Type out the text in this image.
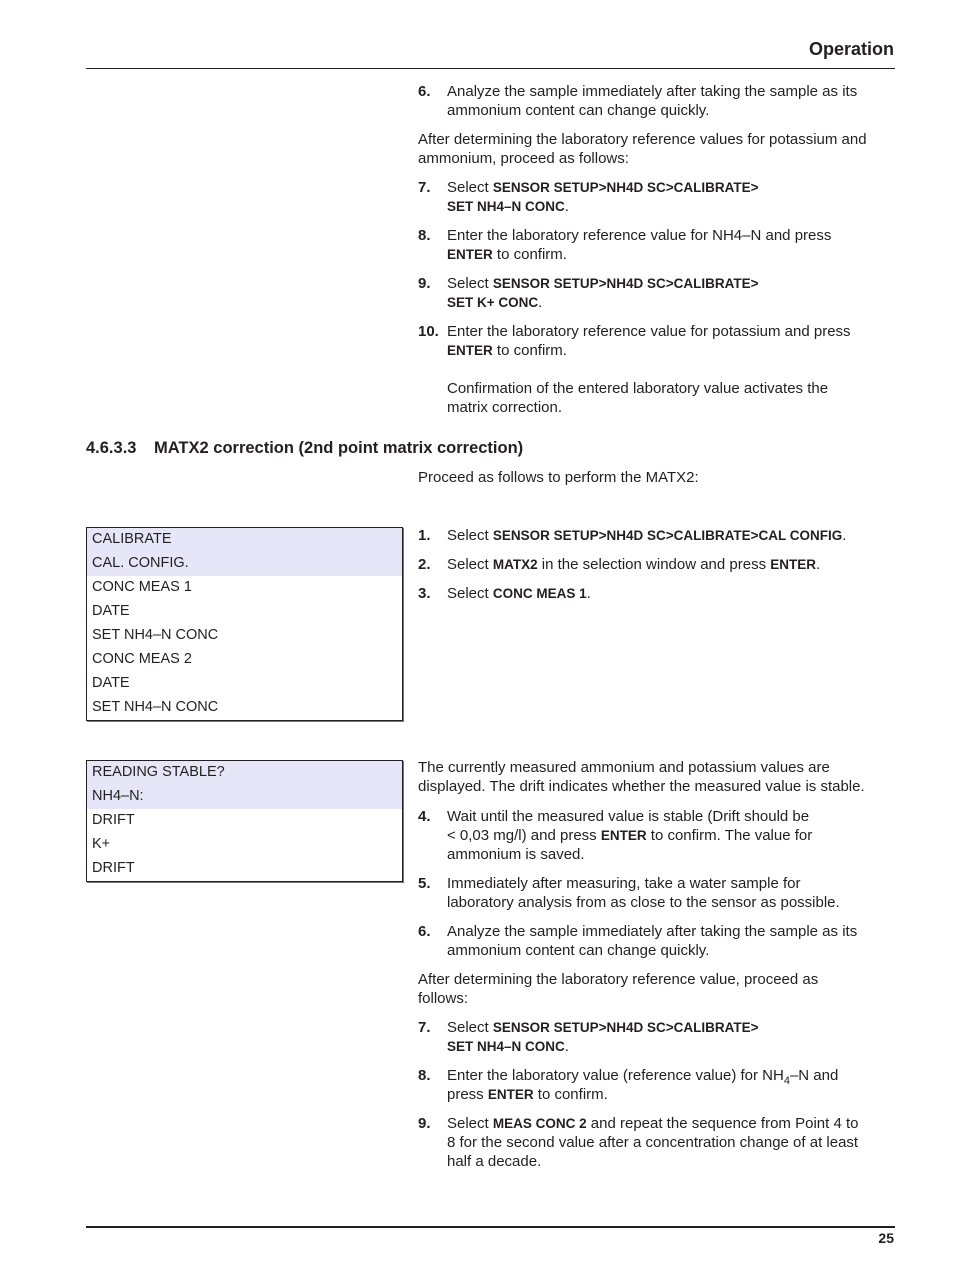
Operation
6.	Analyze the sample immediately after taking the sample as its
ammonium content can change quickly.
After determining the laboratory reference values for potassium and
ammonium, proceed as follows:
7.	Select SENSOR SETUP>NH4D SC>CALIBRATE>
SET NH4–N CONC.
8.	Enter the laboratory reference value for NH4–N and press
ENTER to confirm.
9.	Select SENSOR SETUP>NH4D SC>CALIBRATE>
SET K+ CONC.
10. Enter the laboratory reference value for potassium and press
ENTER to confirm.

Confirmation of the entered laboratory value activates the
matrix correction.
4.6.3.3 MATX2 correction (2nd point matrix correction)
Proceed as follows to perform the MATX2:
CALIBRATE
CAL. CONFIG.
CONC MEAS 1
DATE
SET NH4–N CONC
CONC MEAS 2
DATE
SET NH4–N CONC
1.	Select SENSOR SETUP>NH4D SC>CALIBRATE>CAL CONFIG.
2.	Select MATX2 in the selection window and press ENTER.
3.	Select CONC MEAS 1.
READING STABLE?
NH4–N:
DRIFT
K+
DRIFT
The currently measured ammonium and potassium values are
displayed. The drift indicates whether the measured value is stable.
4.	Wait until the measured value is stable (Drift should be
< 0,03 mg/l) and press ENTER to confirm. The value for
ammonium is saved.
5.	Immediately after measuring, take a water sample for
laboratory analysis from as close to the sensor as possible.
6.	Analyze the sample immediately after taking the sample as its
ammonium content can change quickly.
After determining the laboratory reference value, proceed as
follows:
7.	Select SENSOR SETUP>NH4D SC>CALIBRATE>
SET NH4–N CONC.
8.	Enter the laboratory value (reference value) for $NH_4-N$ and
press ENTER to confirm.
9.	Select MEAS CONC 2 and repeat the sequence from Point 4 to
8 for the second value after a concentration change of at least
half a decade.
25
